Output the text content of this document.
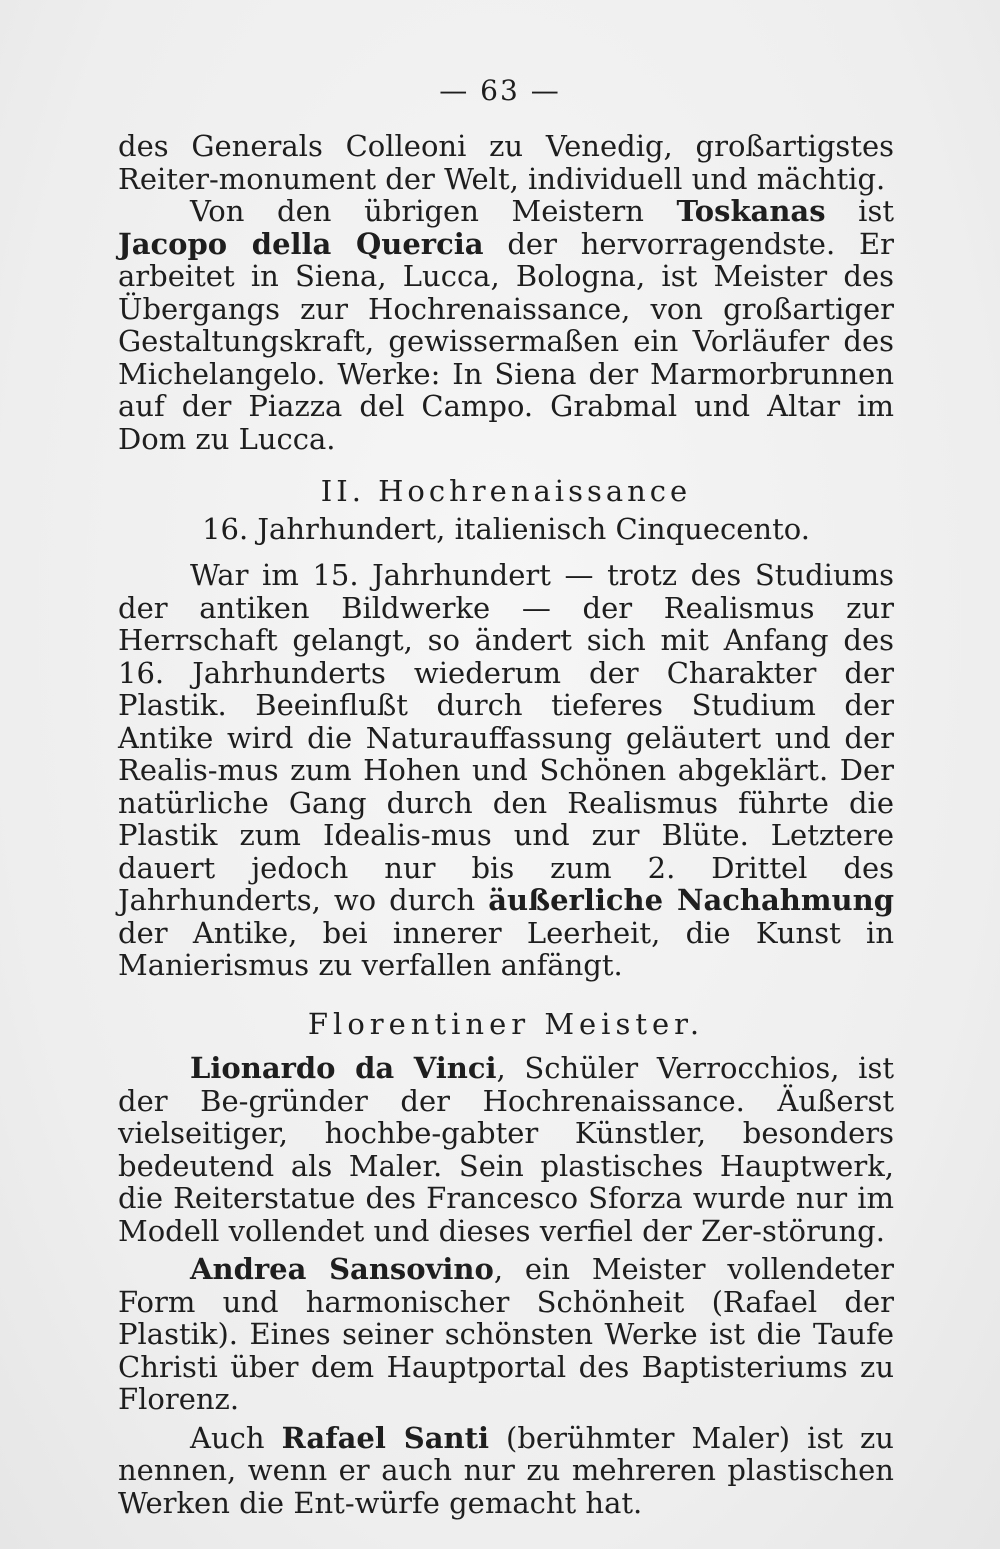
— 63 —

des Generals Colleoni zu Venedig, großartigstes Reiter-monument der Welt, individuell und mächtig.

Von den übrigen Meistern Toskanas ist Jacopo della Quercia der hervorragendste. Er arbeitet in Siena, Lucca, Bologna, ist Meister des Übergangs zur Hochrenaissance, von großartiger Gestaltungskraft, gewissermaßen ein Vorläufer des Michelangelo. Werke: In Siena der Marmorbrunnen auf der Piazza del Campo. Grabmal und Altar im Dom zu Lucca.

II. Hochrenaissance

16. Jahrhundert, italienisch Cinquecento.

War im 15. Jahrhundert — trotz des Studiums der antiken Bildwerke — der Realismus zur Herrschaft gelangt, so ändert sich mit Anfang des 16. Jahrhunderts wiederum der Charakter der Plastik. Beeinflußt durch tieferes Studium der Antike wird die Naturauffassung geläutert und der Realis-mus zum Hohen und Schönen abgeklärt. Der natürliche Gang durch den Realismus führte die Plastik zum Idealis-mus und zur Blüte. Letztere dauert jedoch nur bis zum 2. Drittel des Jahrhunderts, wo durch äußerliche Nachahmung der Antike, bei innerer Leerheit, die Kunst in Manierismus zu verfallen anfängt.

Florentiner Meister.

Lionardo da Vinci, Schüler Verrocchios, ist der Be-gründer der Hochrenaissance. Äußerst vielseitiger, hochbe-gabter Künstler, besonders bedeutend als Maler. Sein plastisches Hauptwerk, die Reiterstatue des Francesco Sforza wurde nur im Modell vollendet und dieses verfiel der Zer-störung.

Andrea Sansovino, ein Meister vollendeter Form und harmonischer Schönheit (Rafael der Plastik). Eines seiner schönsten Werke ist die Taufe Christi über dem Hauptportal des Baptisteriums zu Florenz.

Auch Rafael Santi (berühmter Maler) ist zu nennen, wenn er auch nur zu mehreren plastischen Werken die Ent-würfe gemacht hat.
